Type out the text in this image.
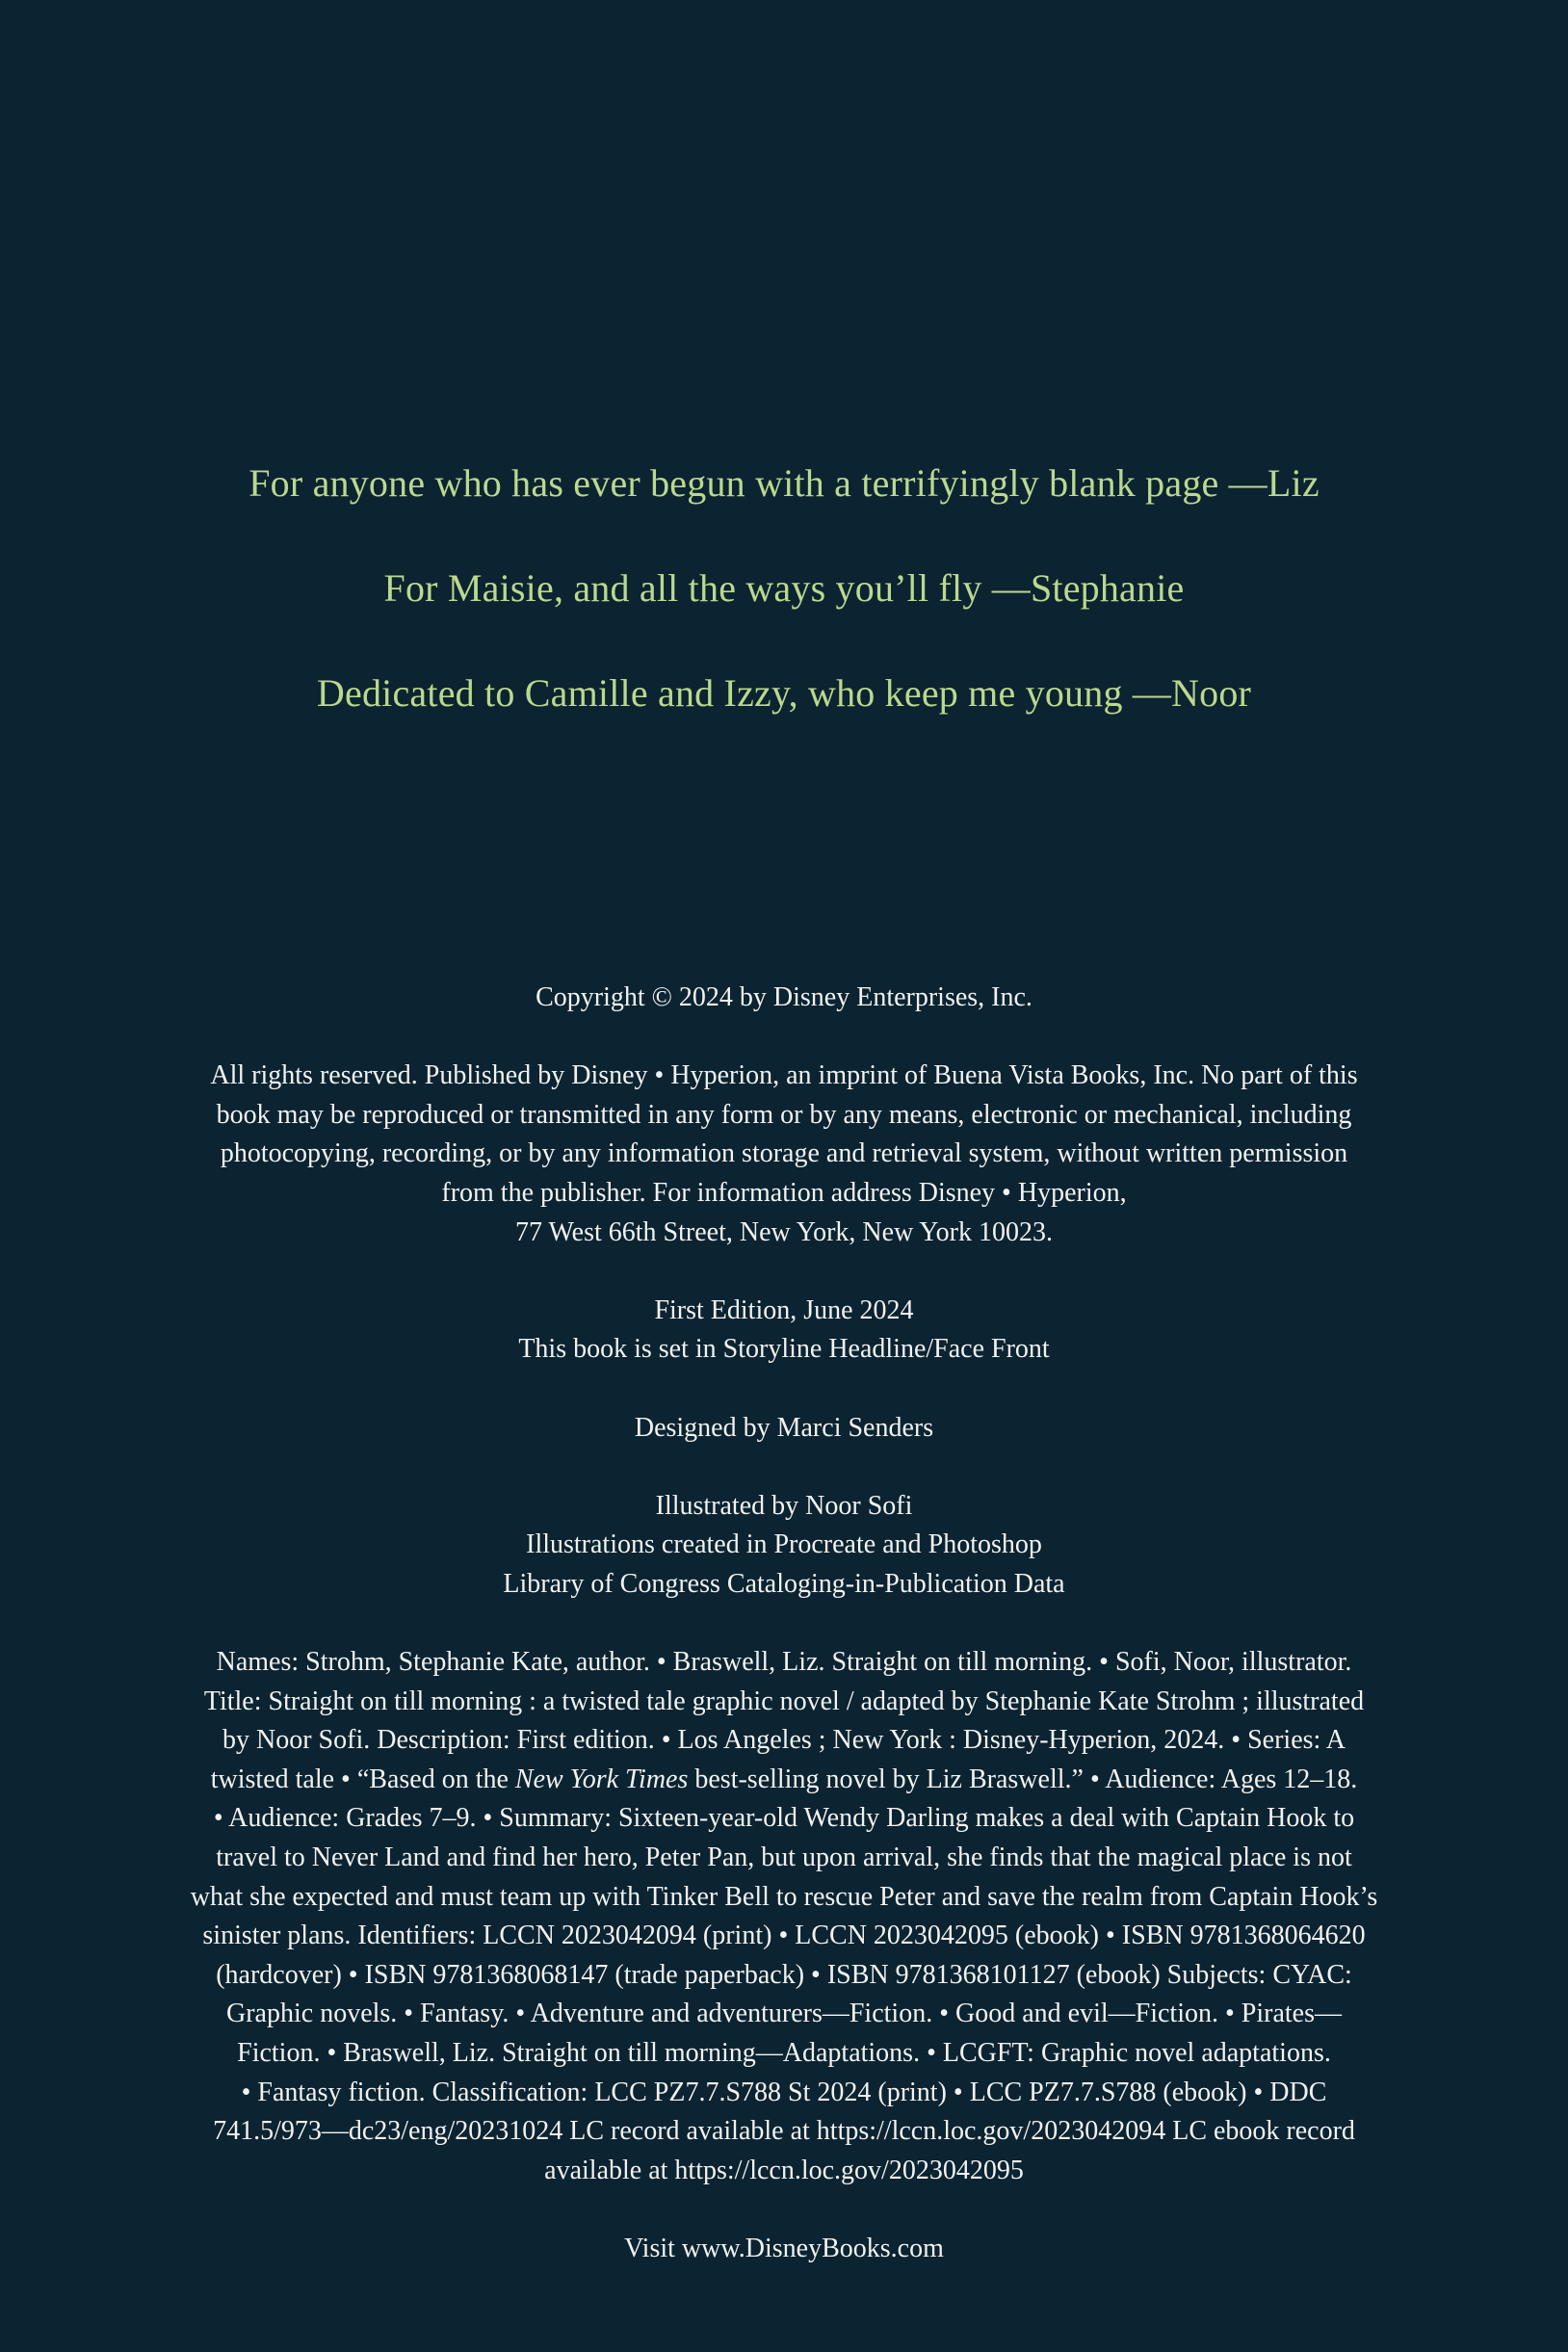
For anyone who has ever begun with a terrifyingly blank page —Liz

For Maisie, and all the ways you’ll fly —Stephanie

Dedicated to Camille and Izzy, who keep me young —Noor

Copyright © 2024 by Disney Enterprises, Inc.

All rights reserved. Published by Disney • Hyperion, an imprint of Buena Vista Books, Inc. No part of this
book may be reproduced or transmitted in any form or by any means, electronic or mechanical, including
photocopying, recording, or by any information storage and retrieval system, without written permission
from the publisher. For information address Disney • Hyperion,
77 West 66th Street, New York, New York 10023.

First Edition, June 2024

This book is set in Storyline Headline/Face Front

Designed by Marci Senders

Illustrated by Noor Sofi

Illustrations created in Procreate and Photoshop

Library of Congress Cataloging-in-Publication Data

Names: Strohm, Stephanie Kate, author. • Braswell, Liz. Straight on till morning. • Sofi, Noor, illustrator.
Title: Straight on till morning : a twisted tale graphic novel / adapted by Stephanie Kate Strohm ; illustrated
by Noor Sofi. Description: First edition. • Los Angeles ; New York : Disney-Hyperion, 2024. • Series: A
twisted tale • “Based on the New York Times best-selling novel by Liz Braswell.” • Audience: Ages 12–18.
• Audience: Grades 7–9. • Summary: Sixteen-year-old Wendy Darling makes a deal with Captain Hook to
travel to Never Land and find her hero, Peter Pan, but upon arrival, she finds that the magical place is not
what she expected and must team up with Tinker Bell to rescue Peter and save the realm from Captain Hook’s
sinister plans. Identifiers: LCCN 2023042094 (print) • LCCN 2023042095 (ebook) • ISBN 9781368064620
(hardcover) • ISBN 9781368068147 (trade paperback) • ISBN 9781368101127 (ebook) Subjects: CYAC:
Graphic novels. • Fantasy. • Adventure and adventurers—Fiction. • Good and evil—Fiction. • Pirates—
Fiction. • Braswell, Liz. Straight on till morning—Adaptations. • LCGFT: Graphic novel adaptations.
• Fantasy fiction. Classification: LCC PZ7.7.S788 St 2024 (print) • LCC PZ7.7.S788 (ebook) • DDC
741.5/973—dc23/eng/20231024 LC record available at https://lccn.loc.gov/2023042094 LC ebook record
available at https://lccn.loc.gov/2023042095

Visit www.DisneyBooks.com
